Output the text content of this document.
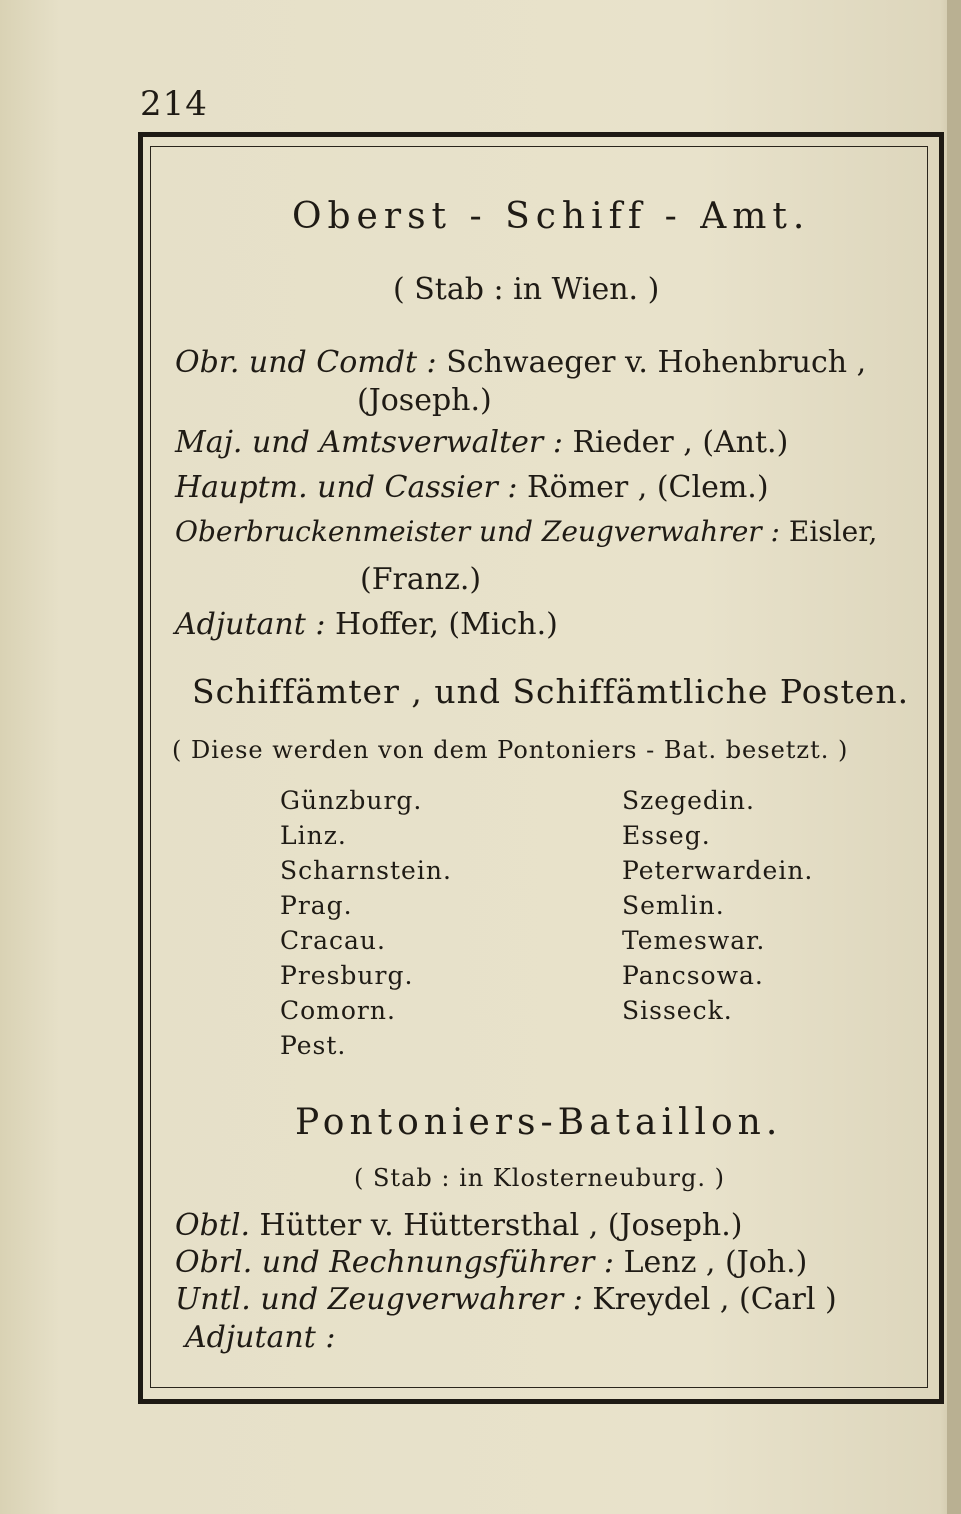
214
Oberst - Schiff - Amt.
( Stab : in Wien. )
Obr. und Comdt : Schwaeger v. Hohenbruch ,
(Joseph.)
Maj. und Amtsverwalter : Rieder , (Ant.)
Hauptm. und Cassier : Römer , (Clem.)
Oberbruckenmeister und Zeugverwahrer : Eisler,
(Franz.)
Adjutant : Hoffer, (Mich.)
Schiffämter , und Schiffämtliche Posten.
( Diese werden von dem Pontoniers - Bat. besetzt. )
Günzburg.
Linz.
Scharnstein.
Prag.
Cracau.
Presburg.
Comorn.
Pest.
Szegedin.
Esseg.
Peterwardein.
Semlin.
Temeswar.
Pancsowa.
Sisseck.
Pontoniers-Bataillon.
( Stab : in Klosterneuburg. )
Obtl. Hütter v. Hüttersthal , (Joseph.)
Obrl. und Rechnungsführer : Lenz , (Joh.)
Untl. und Zeugverwahrer : Kreydel , (Carl )
Adjutant :
